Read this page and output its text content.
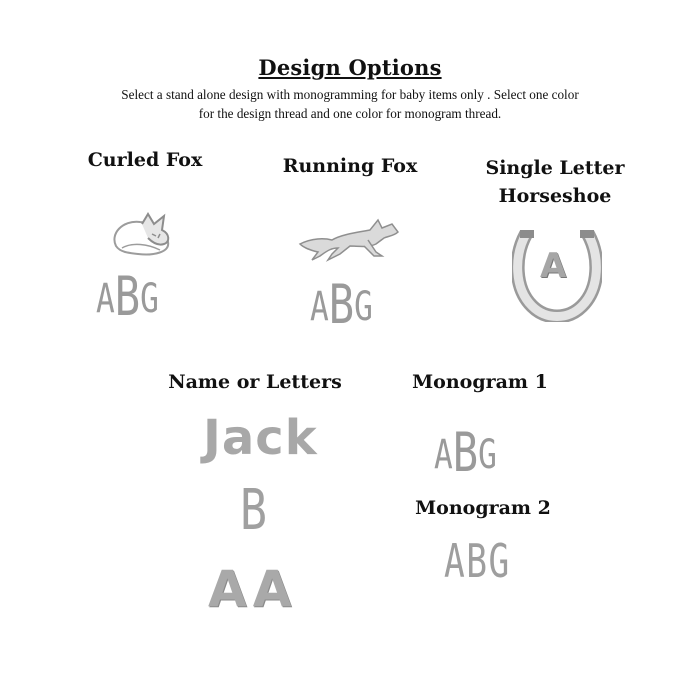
Design Options
Select a stand alone design with monogramming for baby items only . Select one color
for the design thread and one color for monogram thread.
Curled Fox
ABG
Running Fox
ABG
Single Letter
Horseshoe
A
Name or Letters
Jack
B
AA
Monogram 1
ABG
Monogram 2
ABG
